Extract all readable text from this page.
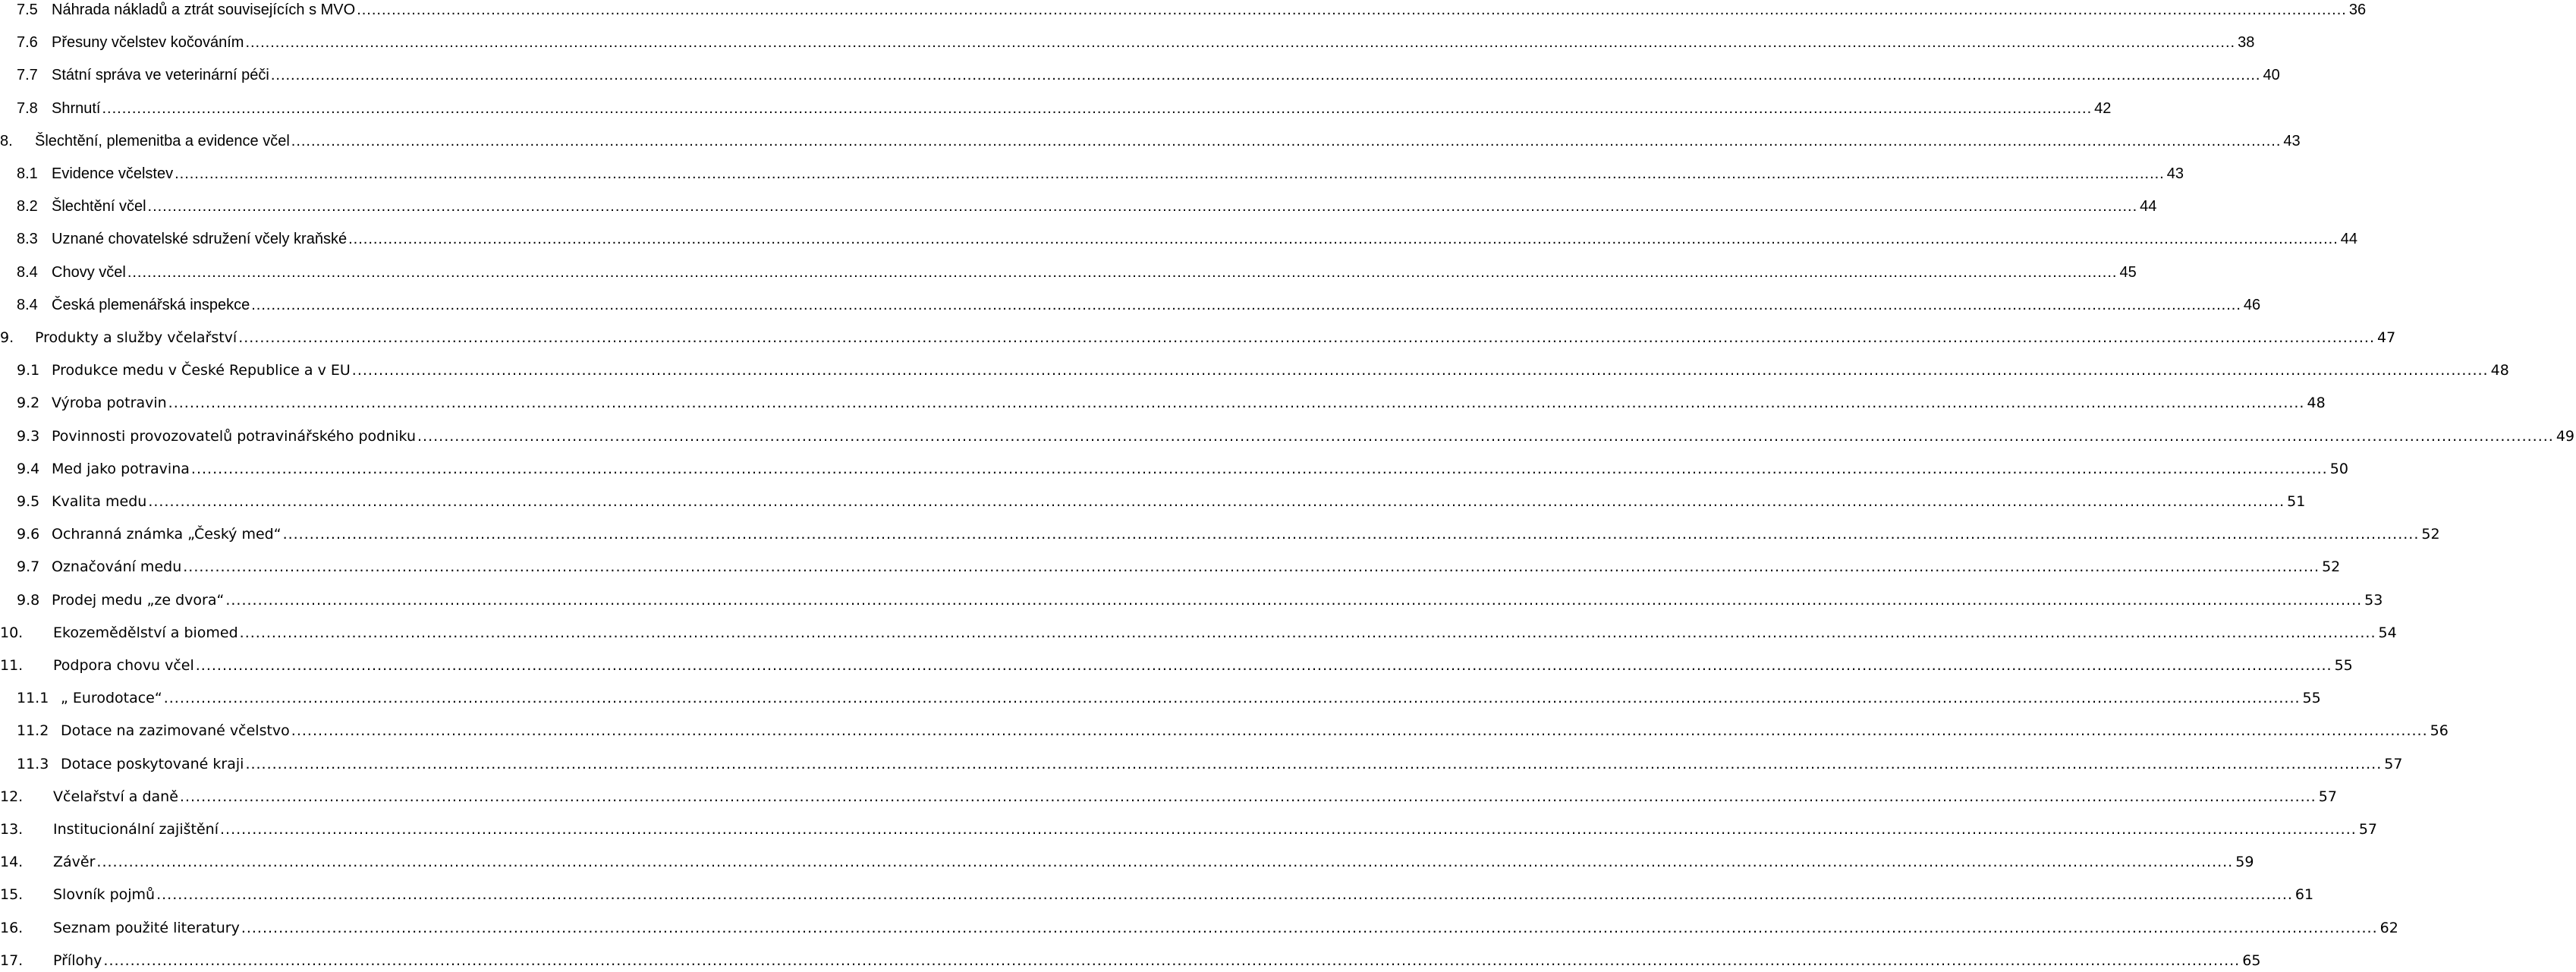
7.5 Náhrada nákladů a ztrát souvisejících s MVO ................................................................................................................................................................................................................................................................................................................................................................................................................ 36
7.6 Přesuny včelstev kočováním ................................................................................................................................................................................................................................................................................................................................................................................................................ 38
7.7 Státní správa ve veterinární péči ................................................................................................................................................................................................................................................................................................................................................................................................................ 40
7.8 Shrnutí ................................................................................................................................................................................................................................................................................................................................................................................................................ 42
8.	Šlechtění, plemenitba a evidence včel ................................................................................................................................................................................................................................................................................................................................................................................................................ 43
8.1 Evidence včelstev ................................................................................................................................................................................................................................................................................................................................................................................................................ 43
8.2 Šlechtění včel ................................................................................................................................................................................................................................................................................................................................................................................................................ 44
8.3 Uznané chovatelské sdružení včely kraňské ................................................................................................................................................................................................................................................................................................................................................................................................................ 44
8.4 Chovy včel ................................................................................................................................................................................................................................................................................................................................................................................................................ 45
8.4 Česká plemenářská inspekce ................................................................................................................................................................................................................................................................................................................................................................................................................ 46
9.	Produkty a služby včelařství ................................................................................................................................................................................................................................................................................................................................................................................................................ 47
9.1 Produkce medu v České Republice a v EU ................................................................................................................................................................................................................................................................................................................................................................................................................ 48
9.2 Výroba potravin ................................................................................................................................................................................................................................................................................................................................................................................................................ 48
9.3 Povinnosti provozovatelů potravinářského podniku ................................................................................................................................................................................................................................................................................................................................................................................................................ 49
9.4 Med jako potravina ................................................................................................................................................................................................................................................................................................................................................................................................................ 50
9.5 Kvalita medu ................................................................................................................................................................................................................................................................................................................................................................................................................ 51
9.6 Ochranná známka „Český med“ ................................................................................................................................................................................................................................................................................................................................................................................................................ 52
9.7 Označování medu ................................................................................................................................................................................................................................................................................................................................................................................................................ 52
9.8 Prodej medu „ze dvora“ ................................................................................................................................................................................................................................................................................................................................................................................................................ 53
10.	Ekozemědělství a biomed ................................................................................................................................................................................................................................................................................................................................................................................................................ 54
11.	Podpora chovu včel ................................................................................................................................................................................................................................................................................................................................................................................................................ 55
11.1 „ Eurodotace“ ................................................................................................................................................................................................................................................................................................................................................................................................................ 55
11.2 Dotace na zazimované včelstvo ................................................................................................................................................................................................................................................................................................................................................................................................................ 56
11.3 Dotace poskytované kraji ................................................................................................................................................................................................................................................................................................................................................................................................................ 57
12.	Včelařství a daně ................................................................................................................................................................................................................................................................................................................................................................................................................ 57
13.	Institucionální zajištění ................................................................................................................................................................................................................................................................................................................................................................................................................ 57
14.	Závěr ................................................................................................................................................................................................................................................................................................................................................................................................................ 59
15.	Slovník pojmů ................................................................................................................................................................................................................................................................................................................................................................................................................ 61
16.	Seznam použité literatury ................................................................................................................................................................................................................................................................................................................................................................................................................ 62
17.	Přílohy ................................................................................................................................................................................................................................................................................................................................................................................................................ 65
